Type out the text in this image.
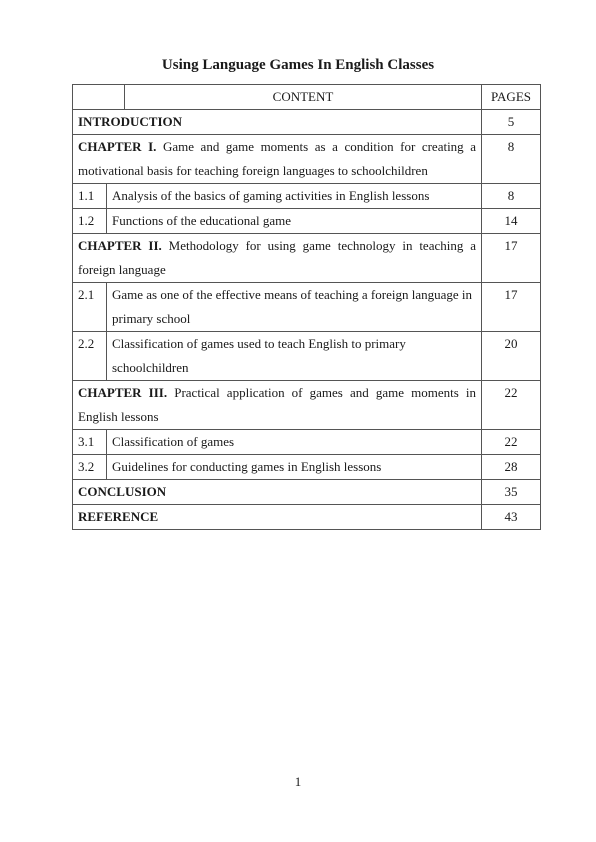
Using Language Games In English Classes
		CONTENT	PAGES
INTRODUCTION			5
CHAPTER I. Game and game moments as a condition for creating a motivational basis for teaching foreign languages to schoolchildren			8
1.1	Analysis of the basics of gaming activities in English lessons		8
1.2	Functions of the educational game		14
CHAPTER II. Methodology for using game technology in teaching a foreign language			17
2.1	Game as one of the effective means of teaching a foreign language in primary school		17
2.2	Classification of games used to teach English to primary schoolchildren		20
CHAPTER III. Practical application of games and game moments in English lessons			22
3.1	Classification of games		22
3.2	Guidelines for conducting games in English lessons		28
CONCLUSION			35
REFERENCE			43
1
